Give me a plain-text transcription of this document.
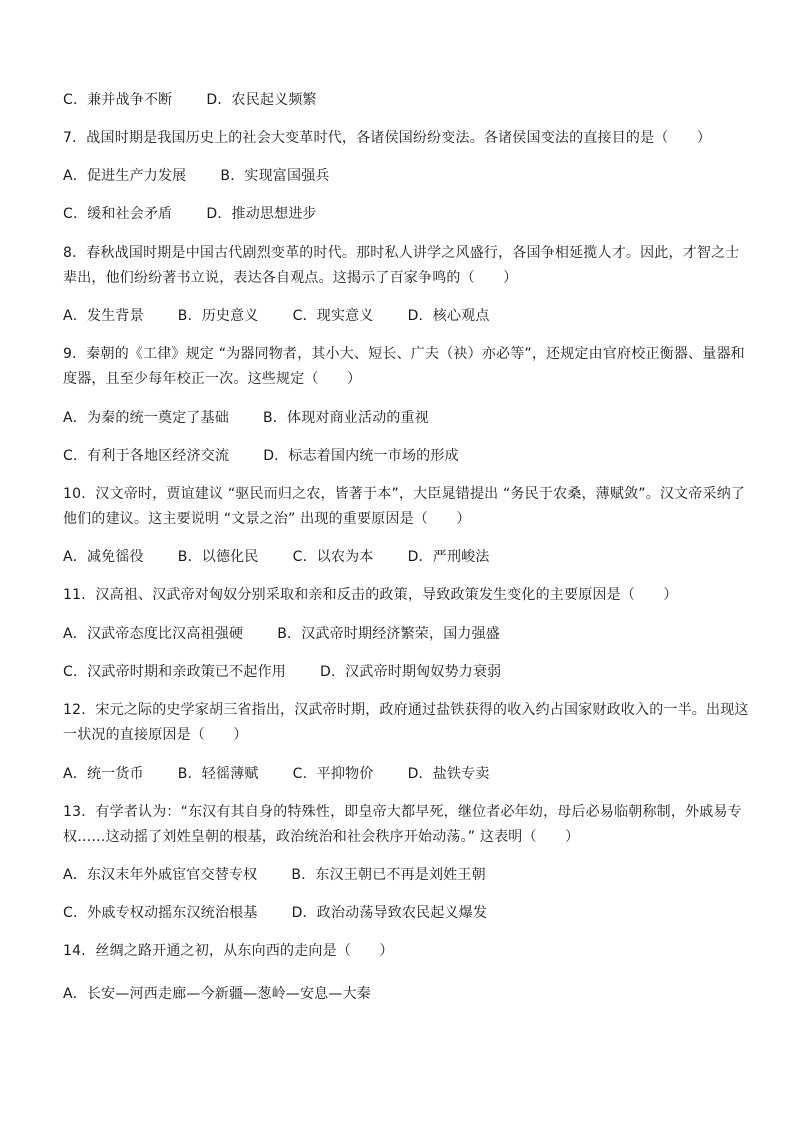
C．兼并战争不断 D．农民起义频繁
7．战国时期是我国历史上的社会大变革时代，各诸侯国纷纷变法。各诸侯国变法的直接目的是（　　）
A．促进生产力发展 B．实现富国强兵
C．缓和社会矛盾 D．推动思想进步
8．春秋战国时期是中国古代剧烈变革的时代。那时私人讲学之风盛行，各国争相延揽人才。因此，才智之士
辈出，他们纷纷著书立说，表达各自观点。这揭示了百家争鸣的（　　）
A．发生背景 B．历史意义 C．现实意义 D．核心观点
9．秦朝的《工律》规定 “为器同物者，其小大、短长、广夫（袂）亦必等”，还规定由官府校正衡器、量器和
度器，且至少每年校正一次。这些规定（　　）
A．为秦的统一奠定了基础 B．体现对商业活动的重视
C．有利于各地区经济交流 D．标志着国内统一市场的形成
10．汉文帝时，贾谊建议 “驱民而归之农，皆著于本”，大臣晁错提出 “务民于农桑，薄赋敛”。汉文帝采纳了
他们的建议。这主要说明 “文景之治” 出现的重要原因是（　　）
A．减免徭役 B．以德化民 C．以农为本 D．严刑峻法
11．汉高祖、汉武帝对匈奴分别采取和亲和反击的政策，导致政策发生变化的主要原因是（　　）
A．汉武帝态度比汉高祖强硬 B．汉武帝时期经济繁荣，国力强盛
C．汉武帝时期和亲政策已不起作用 D．汉武帝时期匈奴势力衰弱
12．宋元之际的史学家胡三省指出，汉武帝时期，政府通过盐铁获得的收入约占国家财政收入的一半。出现这
一状况的直接原因是（　　）
A．统一货币 B．轻徭薄赋 C．平抑物价 D．盐铁专卖
13．有学者认为：“东汉有其自身的特殊性，即皇帝大都早死，继位者必年幼，母后必易临朝称制，外戚易专
权……这动摇了刘姓皇朝的根基，政治统治和社会秩序开始动荡。” 这表明（　　）
A．东汉末年外戚宦官交替专权 B．东汉王朝已不再是刘姓王朝
C．外戚专权动摇东汉统治根基 D．政治动荡导致农民起义爆发
14．丝绸之路开通之初，从东向西的走向是（　　）
A．长安—河西走廊—今新疆—葱岭—安息—大秦
